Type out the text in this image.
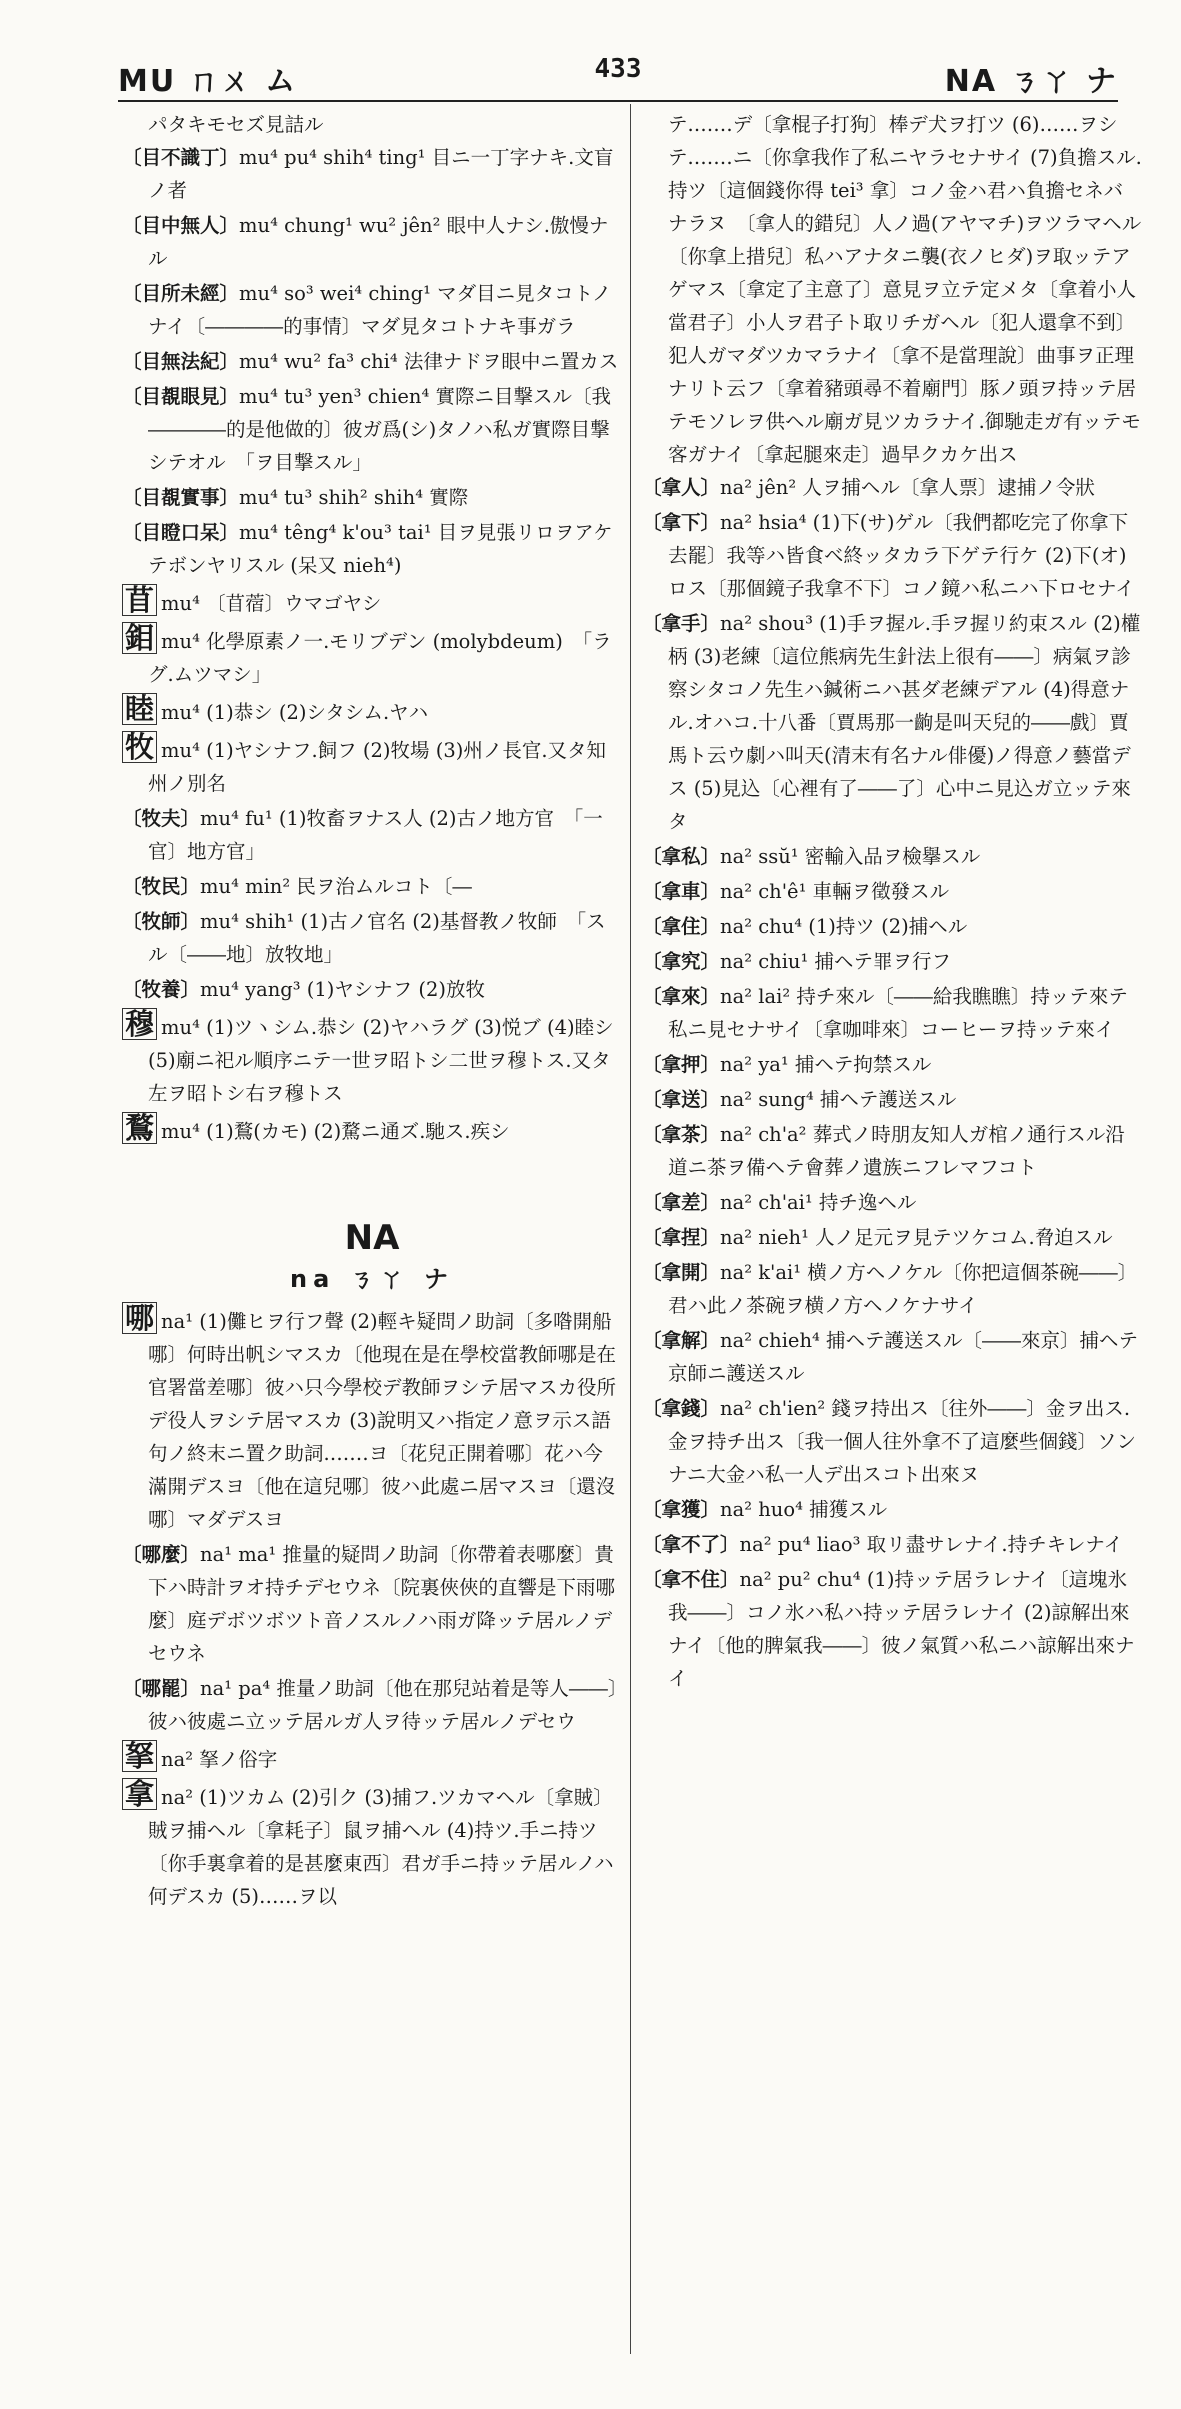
MU ㄇㄨ ム	433	NA ㄋㄚ ナ

パタキモセズ見詰ル

〔目不識丁〕mu⁴ pu⁴ shih⁴ ting¹ 目ニ一丁字ナキ.文盲ノ者

〔目中無人〕mu⁴ chung¹ wu² jên² 眼中人ナシ.傲慢ナル

〔目所未經〕mu⁴ so³ wei⁴ ching¹ マダ目ニ見タコトノナイ〔――――的事情〕マダ見タコトナキ事ガラ

〔目無法紀〕mu⁴ wu² fa³ chi⁴ 法律ナドヲ眼中ニ置カス

〔目覩眼見〕mu⁴ tu³ yen³ chien⁴ 實際ニ目撃スル〔我――――的是他做的〕彼ガ爲(シ)タノハ私ガ實際目撃シテオル　「ヲ目撃スル」

〔目覩實事〕mu⁴ tu³ shih² shih⁴ 實際

〔目瞪口呆〕mu⁴ têng⁴ k'ou³ tai¹ 目ヲ見張リロヲアケテボンヤリスル (呆又 nieh⁴)

苜 mu⁴ 〔苜蓿〕ウマゴヤシ

鉬 mu⁴ 化學原素ノ一.モリブデン (molybdeum)　「ラグ.ムツマシ」

睦 mu⁴ (1)恭シ (2)シタシム.ヤハ

牧 mu⁴ (1)ヤシナフ.飼フ (2)牧場 (3)州ノ長官.又タ知州ノ別名

〔牧夫〕mu⁴ fu¹ (1)牧畜ヲナス人 (2)古ノ地方官　「一官〕地方官」

〔牧民〕mu⁴ min² 民ヲ治ムルコト〔―

〔牧師〕mu⁴ shih¹ (1)古ノ官名 (2)基督教ノ牧師　「スル〔――地〕放牧地」

〔牧養〕mu⁴ yang³ (1)ヤシナフ (2)放牧

穆 mu⁴ (1)ツヽシム.恭シ (2)ヤハラグ (3)悦ブ (4)睦シ (5)廟ニ祀ル順序ニテ一世ヲ昭トシ二世ヲ穆トス.又タ左ヲ昭トシ右ヲ穆トス

鶩 mu⁴ (1)鶩(カモ) (2)騖ニ通ズ.馳ス.疾シ

NA
na ㄋㄚ ナ

哪 na¹ (1)儺ヒヲ行フ聲 (2)輕キ疑問ノ助詞〔多喒開船哪〕何時出帆シマスカ〔他現在是在學校當教師哪是在官署當差哪〕彼ハ只今學校デ教師ヲシテ居マスカ役所デ役人ヲシテ居マスカ (3)說明又ハ指定ノ意ヲ示ス語句ノ終末ニ置ク助詞.……ヨ〔花兒正開着哪〕花ハ今滿開デスヨ〔他在這兒哪〕彼ハ此處ニ居マスヨ〔還沒哪〕マダデスヨ

〔哪麼〕na¹ ma¹ 推量的疑問ノ助詞〔你帶着表哪麼〕貴下ハ時計ヲオ持チデセウネ〔院裏俠俠的直響是下雨哪麼〕庭デボツボツト音ノスルノハ雨ガ降ッテ居ルノデセウネ

〔哪罷〕na¹ pa⁴ 推量ノ助詞〔他在那兒站着是等人――〕彼ハ彼處ニ立ッテ居ルガ人ヲ待ッテ居ルノデセウ

拏 na² 拏ノ俗字

拿 na² (1)ツカム (2)引ク (3)捕フ.ツカマヘル〔拿賊〕賊ヲ捕ヘル〔拿耗子〕鼠ヲ捕ヘル (4)持ツ.手ニ持ツ〔你手裏拿着的是甚麼東西〕君ガ手ニ持ッテ居ルノハ何デスカ (5)……ヲ以

テ.……デ〔拿棍子打狗〕棒デ犬ヲ打ツ (6)……ヲシテ.……ニ〔你拿我作了私ニヤラセナサイ (7)負擔スル.持ツ〔這個錢你得 tei³ 拿〕コノ金ハ君ハ負擔セネバナラヌ　〔拿人的錯兒〕人ノ過(アヤマチ)ヲツラマヘル〔你拿上措兒〕私ハアナタニ襲(衣ノヒダ)ヲ取ッテアゲマス〔拿定了主意了〕意見ヲ立テ定メタ〔拿着小人當君子〕小人ヲ君子ト取リチガヘル〔犯人還拿不到〕犯人ガマダツカマラナイ〔拿不是當理說〕曲事ヲ正理ナリト云フ〔拿着豬頭尋不着廟門〕豚ノ頭ヲ持ッテ居テモソレヲ供ヘル廟ガ見ツカラナイ.御馳走ガ有ッテモ客ガナイ〔拿起腿來走〕過早クカケ出ス

〔拿人〕na² jên² 人ヲ捕ヘル〔拿人票〕逮捕ノ令狀

〔拿下〕na² hsia⁴ (1)下(サ)ゲル〔我們都吃完了你拿下去罷〕我等ハ皆食ベ終ッタカラ下ゲテ行ケ (2)下(オ)ロス〔那個鏡子我拿不下〕コノ鏡ハ私ニハ下ロセナイ

〔拿手〕na² shou³ (1)手ヲ握ル.手ヲ握リ約束スル (2)權柄 (3)老練〔這位熊病先生針法上很有――〕病氣ヲ診察シタコノ先生ハ鍼術ニハ甚ダ老練デアル (4)得意ナル.オハコ.十八番〔賈馬那一齣是叫天兒的――戲〕賈馬ト云ウ劇ハ叫天(清末有名ナル俳優)ノ得意ノ藝當デス (5)見込〔心裡有了――了〕心中ニ見込ガ立ッテ來タ

〔拿私〕na² ssŭ¹ 密輸入品ヲ檢擧スル

〔拿車〕na² ch'ê¹ 車輛ヲ徵發スル

〔拿住〕na² chu⁴ (1)持ツ (2)捕ヘル

〔拿究〕na² chiu¹ 捕ヘテ罪ヲ行フ

〔拿來〕na² lai² 持チ來ル〔――給我瞧瞧〕持ッテ來テ私ニ見セナサイ〔拿咖啡來〕コーヒーヲ持ッテ來イ

〔拿押〕na² ya¹ 捕ヘテ拘禁スル

〔拿送〕na² sung⁴ 捕ヘテ護送スル

〔拿茶〕na² ch'a² 葬式ノ時朋友知人ガ棺ノ通行スル沿道ニ茶ヲ備ヘテ會葬ノ遺族ニフレマフコト

〔拿差〕na² ch'ai¹ 持チ逸ヘル

〔拿捏〕na² nieh¹ 人ノ足元ヲ見テツケコム.脅迫スル

〔拿開〕na² k'ai¹ 横ノ方ヘノケル〔你把這個茶碗――〕君ハ此ノ茶碗ヲ横ノ方ヘノケナサイ

〔拿解〕na² chieh⁴ 捕ヘテ護送スル〔――來京〕捕ヘテ京師ニ護送スル

〔拿錢〕na² ch'ien² 錢ヲ持出ス〔往外――〕金ヲ出ス.金ヲ持チ出ス〔我一個人往外拿不了這麼些個錢〕ソンナニ大金ハ私一人デ出スコト出來ヌ

〔拿獲〕na² huo⁴ 捕獲スル

〔拿不了〕na² pu⁴ liao³ 取リ盡サレナイ.持チキレナイ

〔拿不住〕na² pu² chu⁴ (1)持ッテ居ラレナイ〔這塊氷我――〕コノ氷ハ私ハ持ッテ居ラレナイ (2)諒解出來ナイ〔他的脾氣我――〕彼ノ氣質ハ私ニハ諒解出來ナイ
